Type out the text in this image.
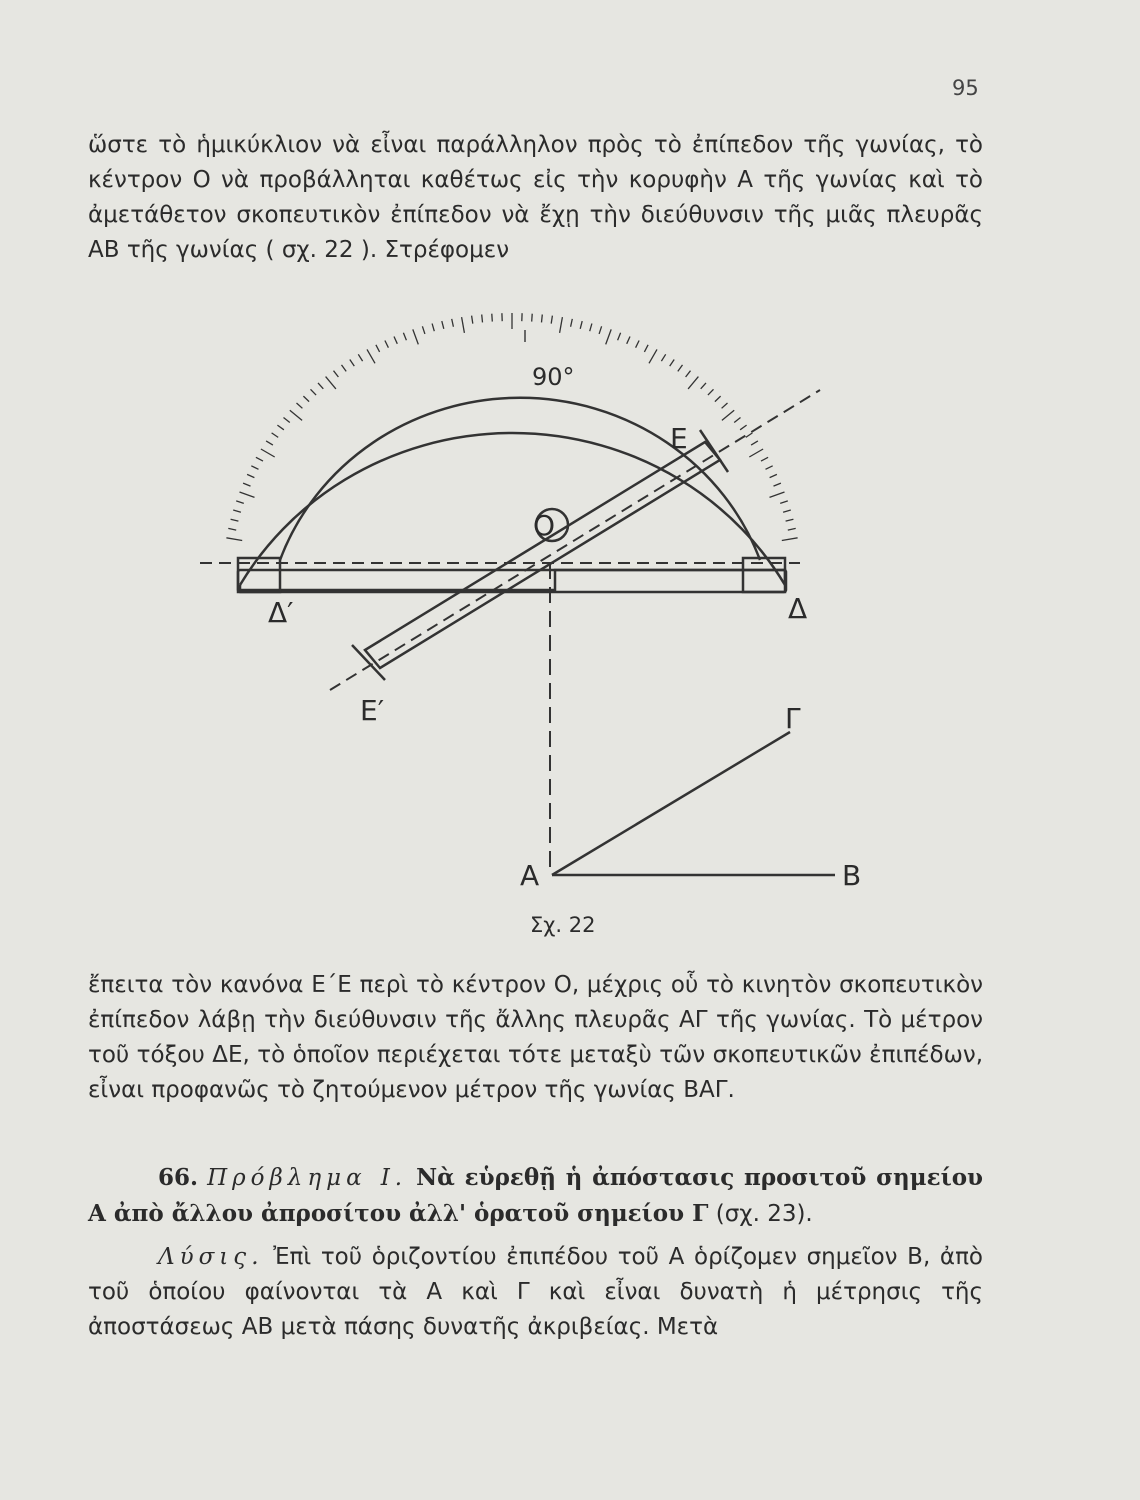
95

ὥστε τὸ ἡμικύκλιον νὰ εἶναι παράλληλον πρὸς τὸ ἐπίπεδον τῆς γωνίας, τὸ κέντρον Ο νὰ προβάλληται καθέτως εἰς τὴν κορυφὴν Α τῆς γωνίας καὶ τὸ ἀμετάθετον σκοπευτικὸν ἐπίπεδον νὰ ἔχῃ τὴν διεύθυνσιν τῆς μιᾶς πλευρᾶς ΑΒ τῆς γωνίας ( σχ. 22 ). Στρέφομεν

90°
E
O
Δ′	Δ
E′	Γ
A	B
Σχ. 22

ἔπειτα τὸν κανόνα Ε΄Ε περὶ τὸ κέντρον Ο, μέχρις οὗ τὸ κινητὸν σκοπευτικὸν ἐπίπεδον λάβῃ τὴν διεύθυνσιν τῆς ἄλλης πλευρᾶς ΑΓ τῆς γωνίας. Τὸ μέτρον τοῦ τόξου ΔΕ, τὸ ὁποῖον περιέχεται τότε μεταξὺ τῶν σκοπευτικῶν ἐπιπέδων, εἶναι προφανῶς τὸ ζητούμενον μέτρον τῆς γωνίας ΒΑΓ.

66. Πρόβλημα Ι. Νὰ εὑρεθῇ ἡ ἀπόστασις προσιτοῦ σημείου Α ἀπὸ ἄλλου ἀπροσίτου ἀλλ' ὁρατοῦ σημείου Γ (σχ. 23).

Λύσις. Ἐπὶ τοῦ ὁριζοντίου ἐπιπέδου τοῦ Α ὁρίζομεν σημεῖον Β, ἀπὸ τοῦ ὁποίου φαίνονται τὰ Α καὶ Γ καὶ εἶναι δυνατὴ ἡ μέτρησις τῆς ἀποστάσεως ΑΒ μετὰ πάσης δυνατῆς ἀκριβείας. Μετὰ
